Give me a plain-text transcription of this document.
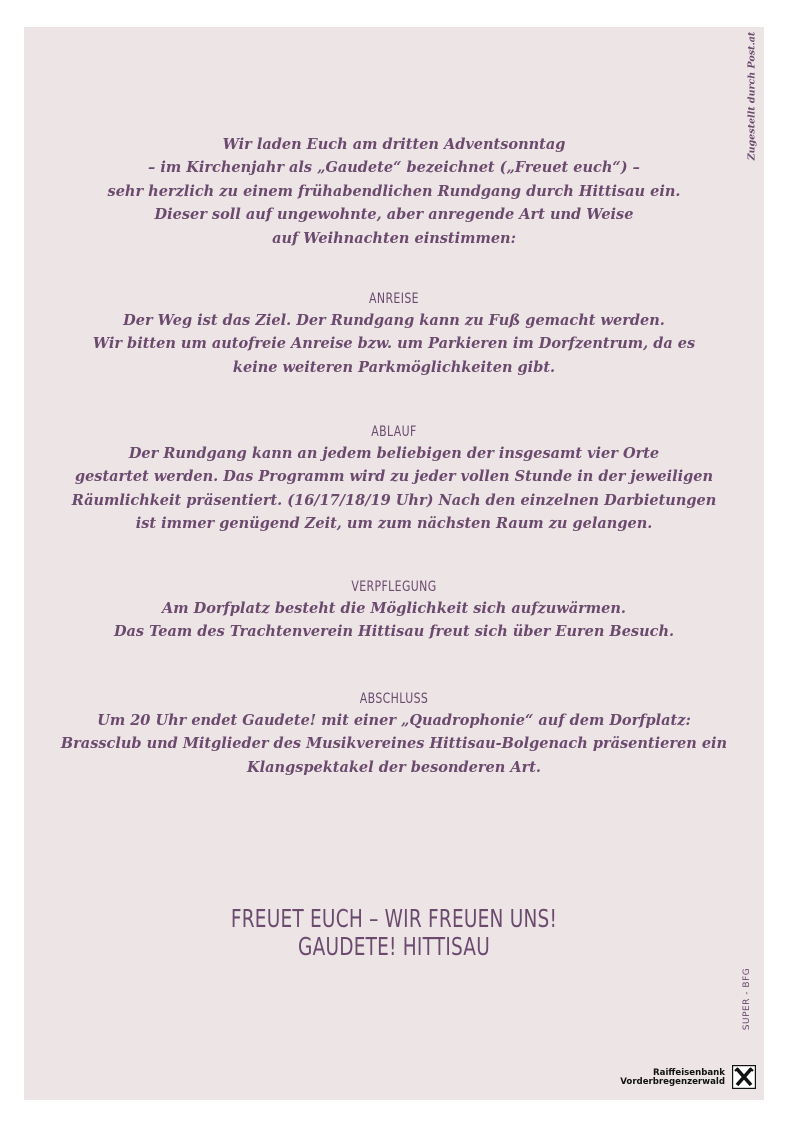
Zugestellt durch Post.at
Wir laden Euch am dritten Adventsonntag
– im Kirchenjahr als „Gaudete“ bezeichnet („Freuet euch“) –
sehr herzlich zu einem frühabendlichen Rundgang durch Hittisau ein.
Dieser soll auf ungewohnte, aber anregende Art und Weise
auf Weihnachten einstimmen:
ANREISE
Der Weg ist das Ziel. Der Rundgang kann zu Fuß gemacht werden.
Wir bitten um autofreie Anreise bzw. um Parkieren im Dorfzentrum, da es
keine weiteren Parkmöglichkeiten gibt.
ABLAUF
Der Rundgang kann an jedem beliebigen der insgesamt vier Orte
gestartet werden. Das Programm wird zu jeder vollen Stunde in der jeweiligen
Räumlichkeit präsentiert. (16/17/18/19 Uhr) Nach den einzelnen Darbietungen
ist immer genügend Zeit, um zum nächsten Raum zu gelangen.
VERPFLEGUNG
Am Dorfplatz besteht die Möglichkeit sich aufzuwärmen.
Das Team des Trachtenverein Hittisau freut sich über Euren Besuch.
ABSCHLUSS
Um 20 Uhr endet Gaudete! mit einer „Quadrophonie“ auf dem Dorfplatz:
Brassclub und Mitglieder des Musikvereines Hittisau-Bolgenach präsentieren ein
Klangspektakel der besonderen Art.
FREUET EUCH – WIR FREUEN UNS!
GAUDETE! HITTISAU
SUPER - BFG
Raiffeisenbank
Vorderbregenzerwald
